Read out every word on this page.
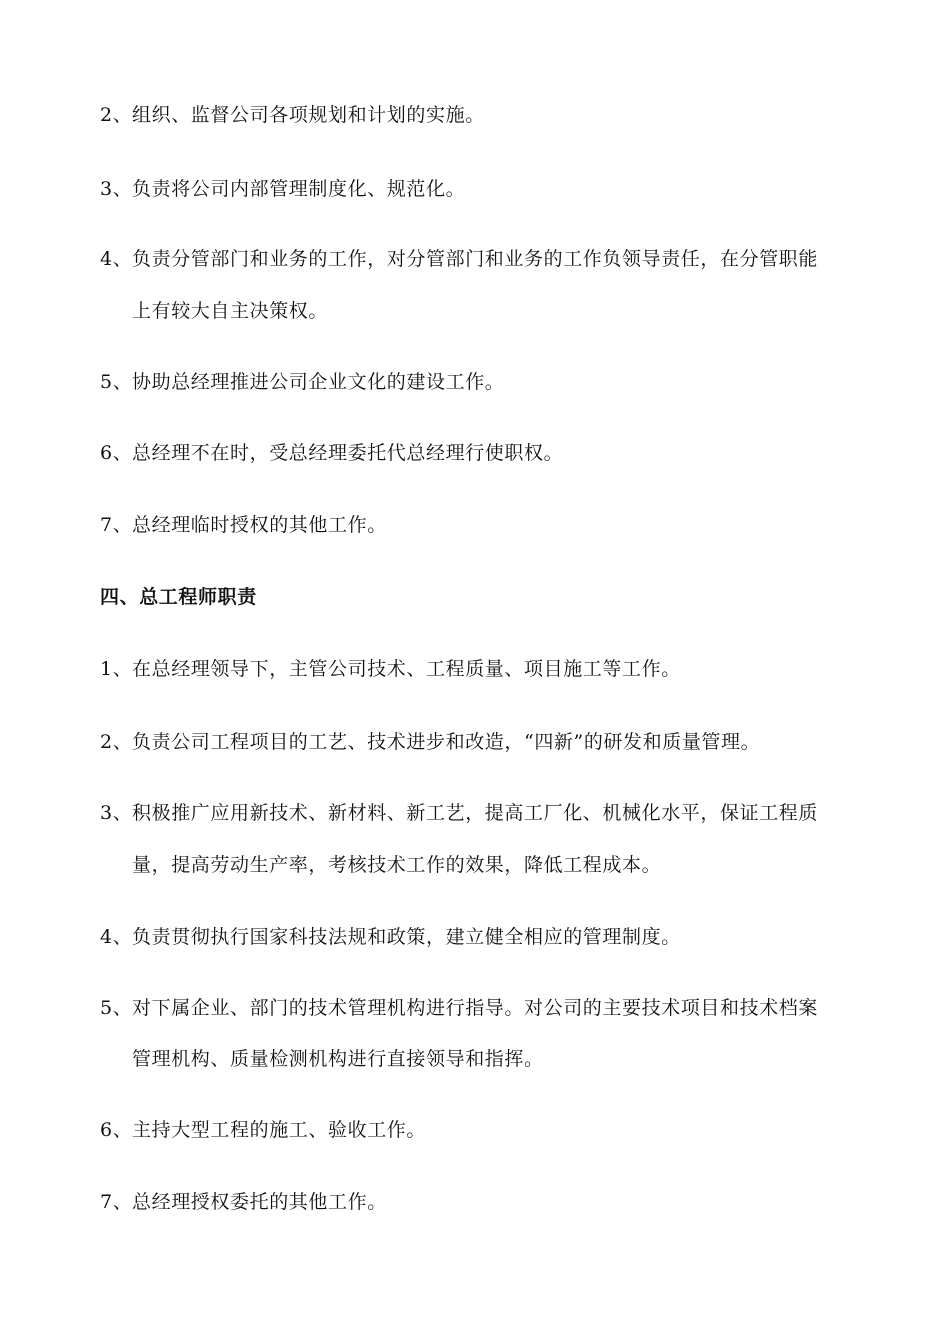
2、组织、监督公司各项规划和计划的实施。
3、负责将公司内部管理制度化、规范化。
4、负责分管部门和业务的工作，对分管部门和业务的工作负领导责任，在分管职能
上有较大自主决策权。
5、协助总经理推进公司企业文化的建设工作。
6、总经理不在时，受总经理委托代总经理行使职权。
7、总经理临时授权的其他工作。
四、总工程师职责
1、在总经理领导下，主管公司技术、工程质量、项目施工等工作。
2、负责公司工程项目的工艺、技术进步和改造，“四新”的研发和质量管理。
3、积极推广应用新技术、新材料、新工艺，提高工厂化、机械化水平，保证工程质
量，提高劳动生产率，考核技术工作的效果，降低工程成本。
4、负责贯彻执行国家科技法规和政策，建立健全相应的管理制度。
5、对下属企业、部门的技术管理机构进行指导。对公司的主要技术项目和技术档案
管理机构、质量检测机构进行直接领导和指挥。
6、主持大型工程的施工、验收工作。
7、总经理授权委托的其他工作。
